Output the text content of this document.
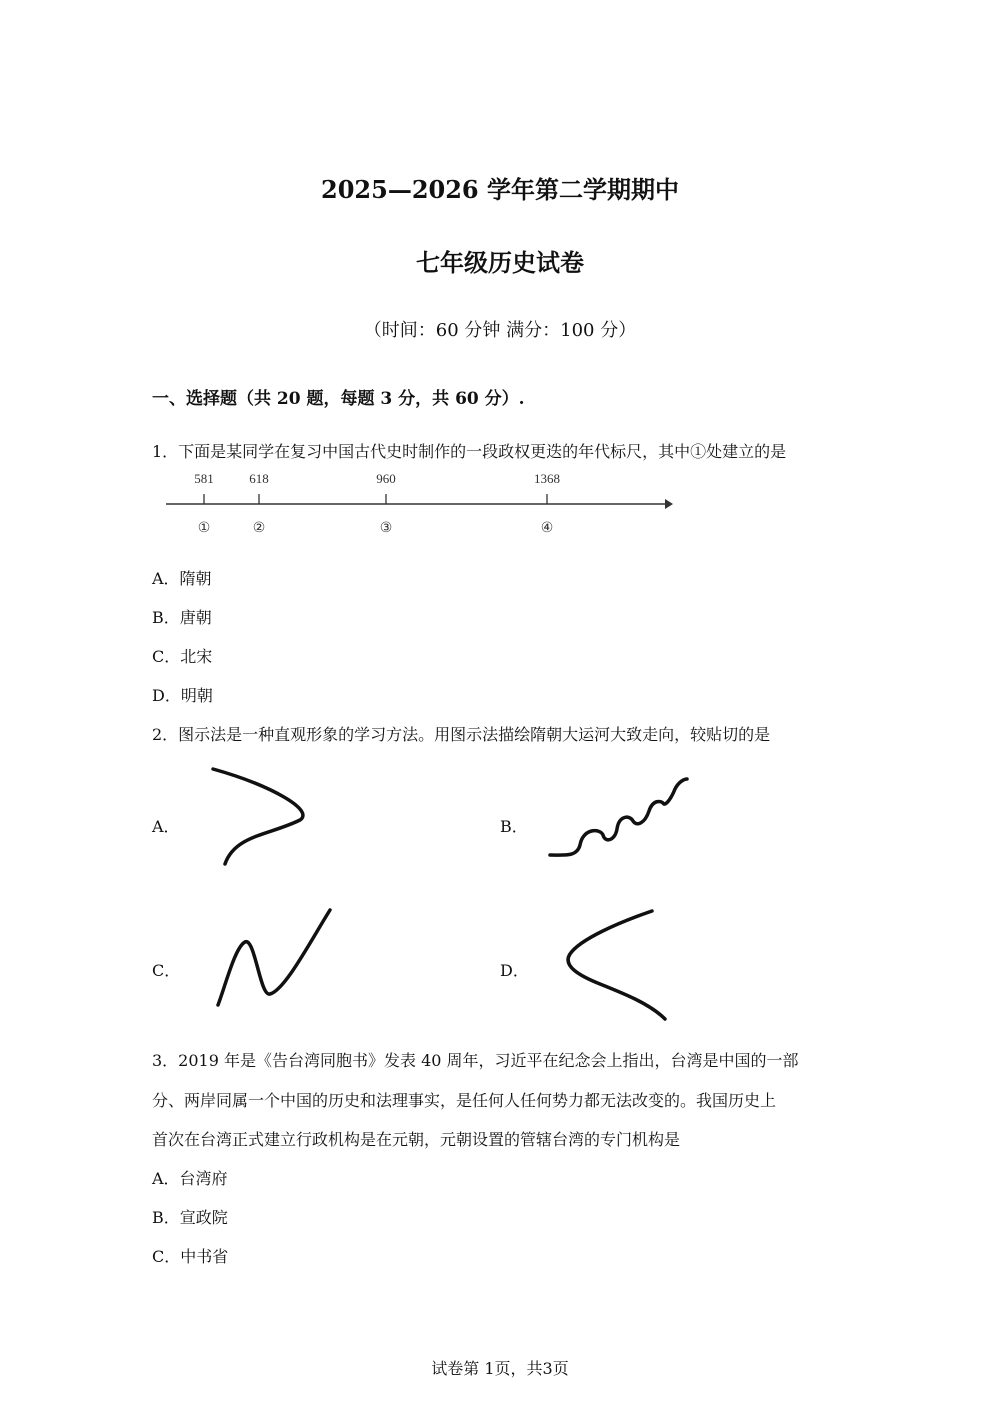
2025—2026 学年第二学期期中
七年级历史试卷
（时间：60 分钟 满分：100 分）
一、选择题（共 20 题，每题 3 分，共 60 分）.
1．下面是某同学在复习中国古代史时制作的一段政权更迭的年代标尺，其中①处建立的是
581	618	960	1368
①	②	③	④
A．隋朝
B．唐朝
C．北宋
D．明朝
2．图示法是一种直观形象的学习方法。用图示法描绘隋朝大运河大致走向，较贴切的是
A．	B．
C．	D．
3．2019 年是《告台湾同胞书》发表 40 周年，习近平在纪念会上指出，台湾是中国的一部
分、两岸同属一个中国的历史和法理事实，是任何人任何势力都无法改变的。我国历史上
首次在台湾正式建立行政机构是在元朝，元朝设置的管辖台湾的专门机构是
A．台湾府
B．宣政院
C．中书省
试卷第 1页，共3页
